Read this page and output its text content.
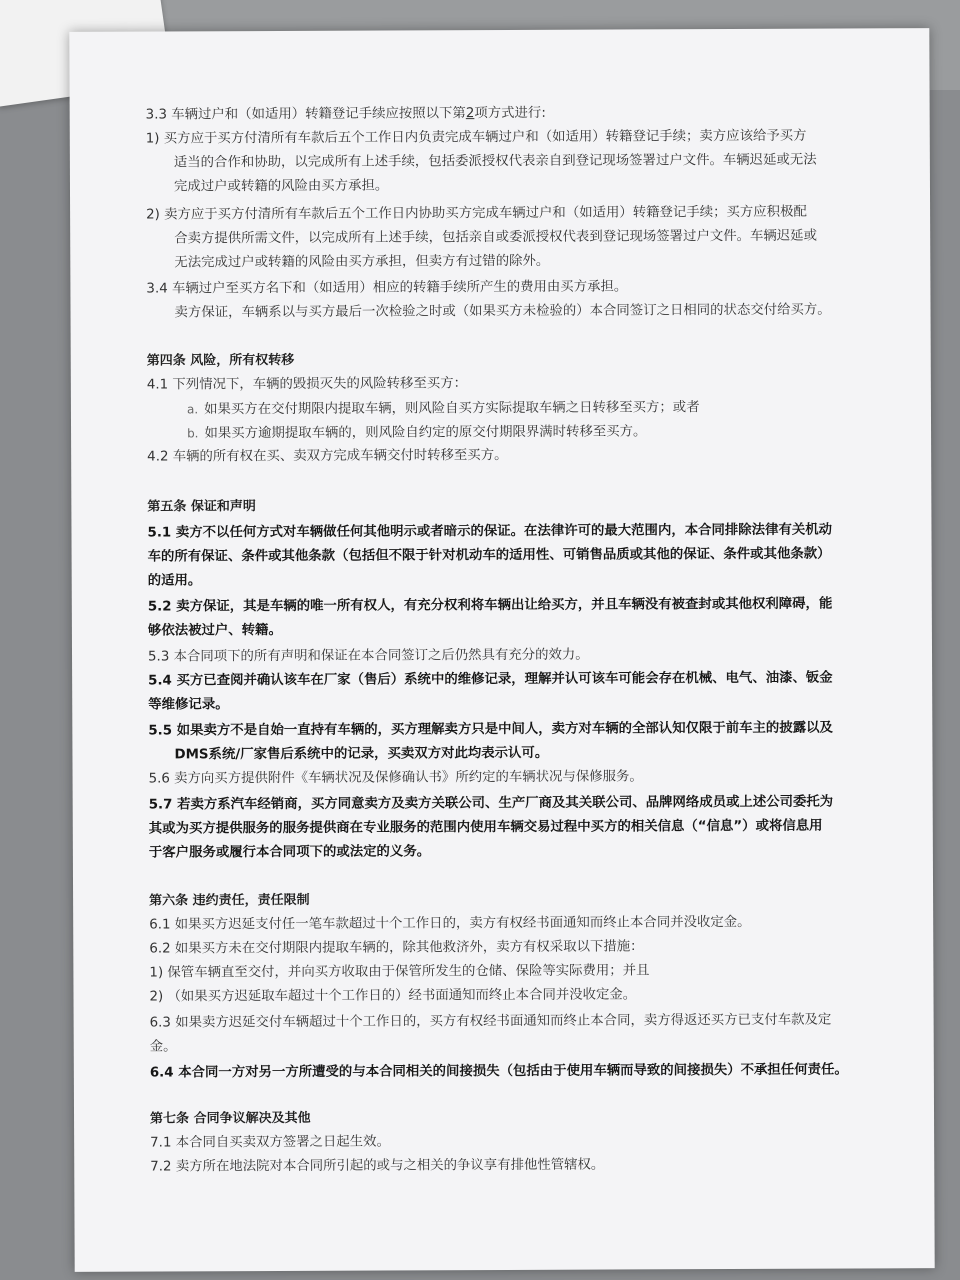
3.3 车辆过户和（如适用）转籍登记手续应按照以下第2项方式进行:
1) 买方应于买方付清所有车款后五个工作日内负责完成车辆过户和（如适用）转籍登记手续；卖方应该给予买方
适当的合作和协助，以完成所有上述手续，包括委派授权代表亲自到登记现场签署过户文件。车辆迟延或无法
完成过户或转籍的风险由买方承担。
2) 卖方应于买方付清所有车款后五个工作日内协助买方完成车辆过户和（如适用）转籍登记手续；买方应积极配
合卖方提供所需文件，以完成所有上述手续，包括亲自或委派授权代表到登记现场签署过户文件。车辆迟延或
无法完成过户或转籍的风险由买方承担，但卖方有过错的除外。
3.4 车辆过户至买方名下和（如适用）相应的转籍手续所产生的费用由买方承担。
卖方保证，车辆系以与买方最后一次检验之时或（如果买方未检验的）本合同签订之日相同的状态交付给买方。
第四条 风险，所有权转移
4.1 下列情况下，车辆的毁损灭失的风险转移至买方：
a. 如果买方在交付期限内提取车辆，则风险自买方实际提取车辆之日转移至买方；或者
b. 如果买方逾期提取车辆的，则风险自约定的原交付期限界满时转移至买方。
4.2 车辆的所有权在买、卖双方完成车辆交付时转移至买方。
第五条 保证和声明
5.1 卖方不以任何方式对车辆做任何其他明示或者暗示的保证。在法律许可的最大范围内，本合同排除法律有关机动
车的所有保证、条件或其他条款（包括但不限于针对机动车的适用性、可销售品质或其他的保证、条件或其他条款）
的适用。
5.2 卖方保证，其是车辆的唯一所有权人，有充分权利将车辆出让给买方，并且车辆没有被查封或其他权利障碍，能
够依法被过户、转籍。
5.3 本合同项下的所有声明和保证在本合同签订之后仍然具有充分的效力。
5.4 买方已查阅并确认该车在厂家（售后）系统中的维修记录，理解并认可该车可能会存在机械、电气、油漆、钣金
等维修记录。
5.5 如果卖方不是自始一直持有车辆的，买方理解卖方只是中间人，卖方对车辆的全部认知仅限于前车主的披露以及
DMS系统/厂家售后系统中的记录，买卖双方对此均表示认可。
5.6 卖方向买方提供附件《车辆状况及保修确认书》所约定的车辆状况与保修服务。
5.7 若卖方系汽车经销商，买方同意卖方及卖方关联公司、生产厂商及其关联公司、品牌网络成员或上述公司委托为
其或为买方提供服务的服务提供商在专业服务的范围内使用车辆交易过程中买方的相关信息（“信息”）或将信息用
于客户服务或履行本合同项下的或法定的义务。
第六条 违约责任，责任限制
6.1 如果买方迟延支付任一笔车款超过十个工作日的，卖方有权经书面通知而终止本合同并没收定金。
6.2 如果买方未在交付期限内提取车辆的，除其他救济外，卖方有权采取以下措施：
1) 保管车辆直至交付，并向买方收取由于保管所发生的仓储、保险等实际费用；并且
2) （如果买方迟延取车超过十个工作日的）经书面通知而终止本合同并没收定金。
6.3 如果卖方迟延交付车辆超过十个工作日的，买方有权经书面通知而终止本合同，卖方得返还买方已支付车款及定
金。
6.4 本合同一方对另一方所遭受的与本合同相关的间接损失（包括由于使用车辆而导致的间接损失）不承担任何责任。
第七条 合同争议解决及其他
7.1 本合同自买卖双方签署之日起生效。
7.2 卖方所在地法院对本合同所引起的或与之相关的争议享有排他性管辖权。
